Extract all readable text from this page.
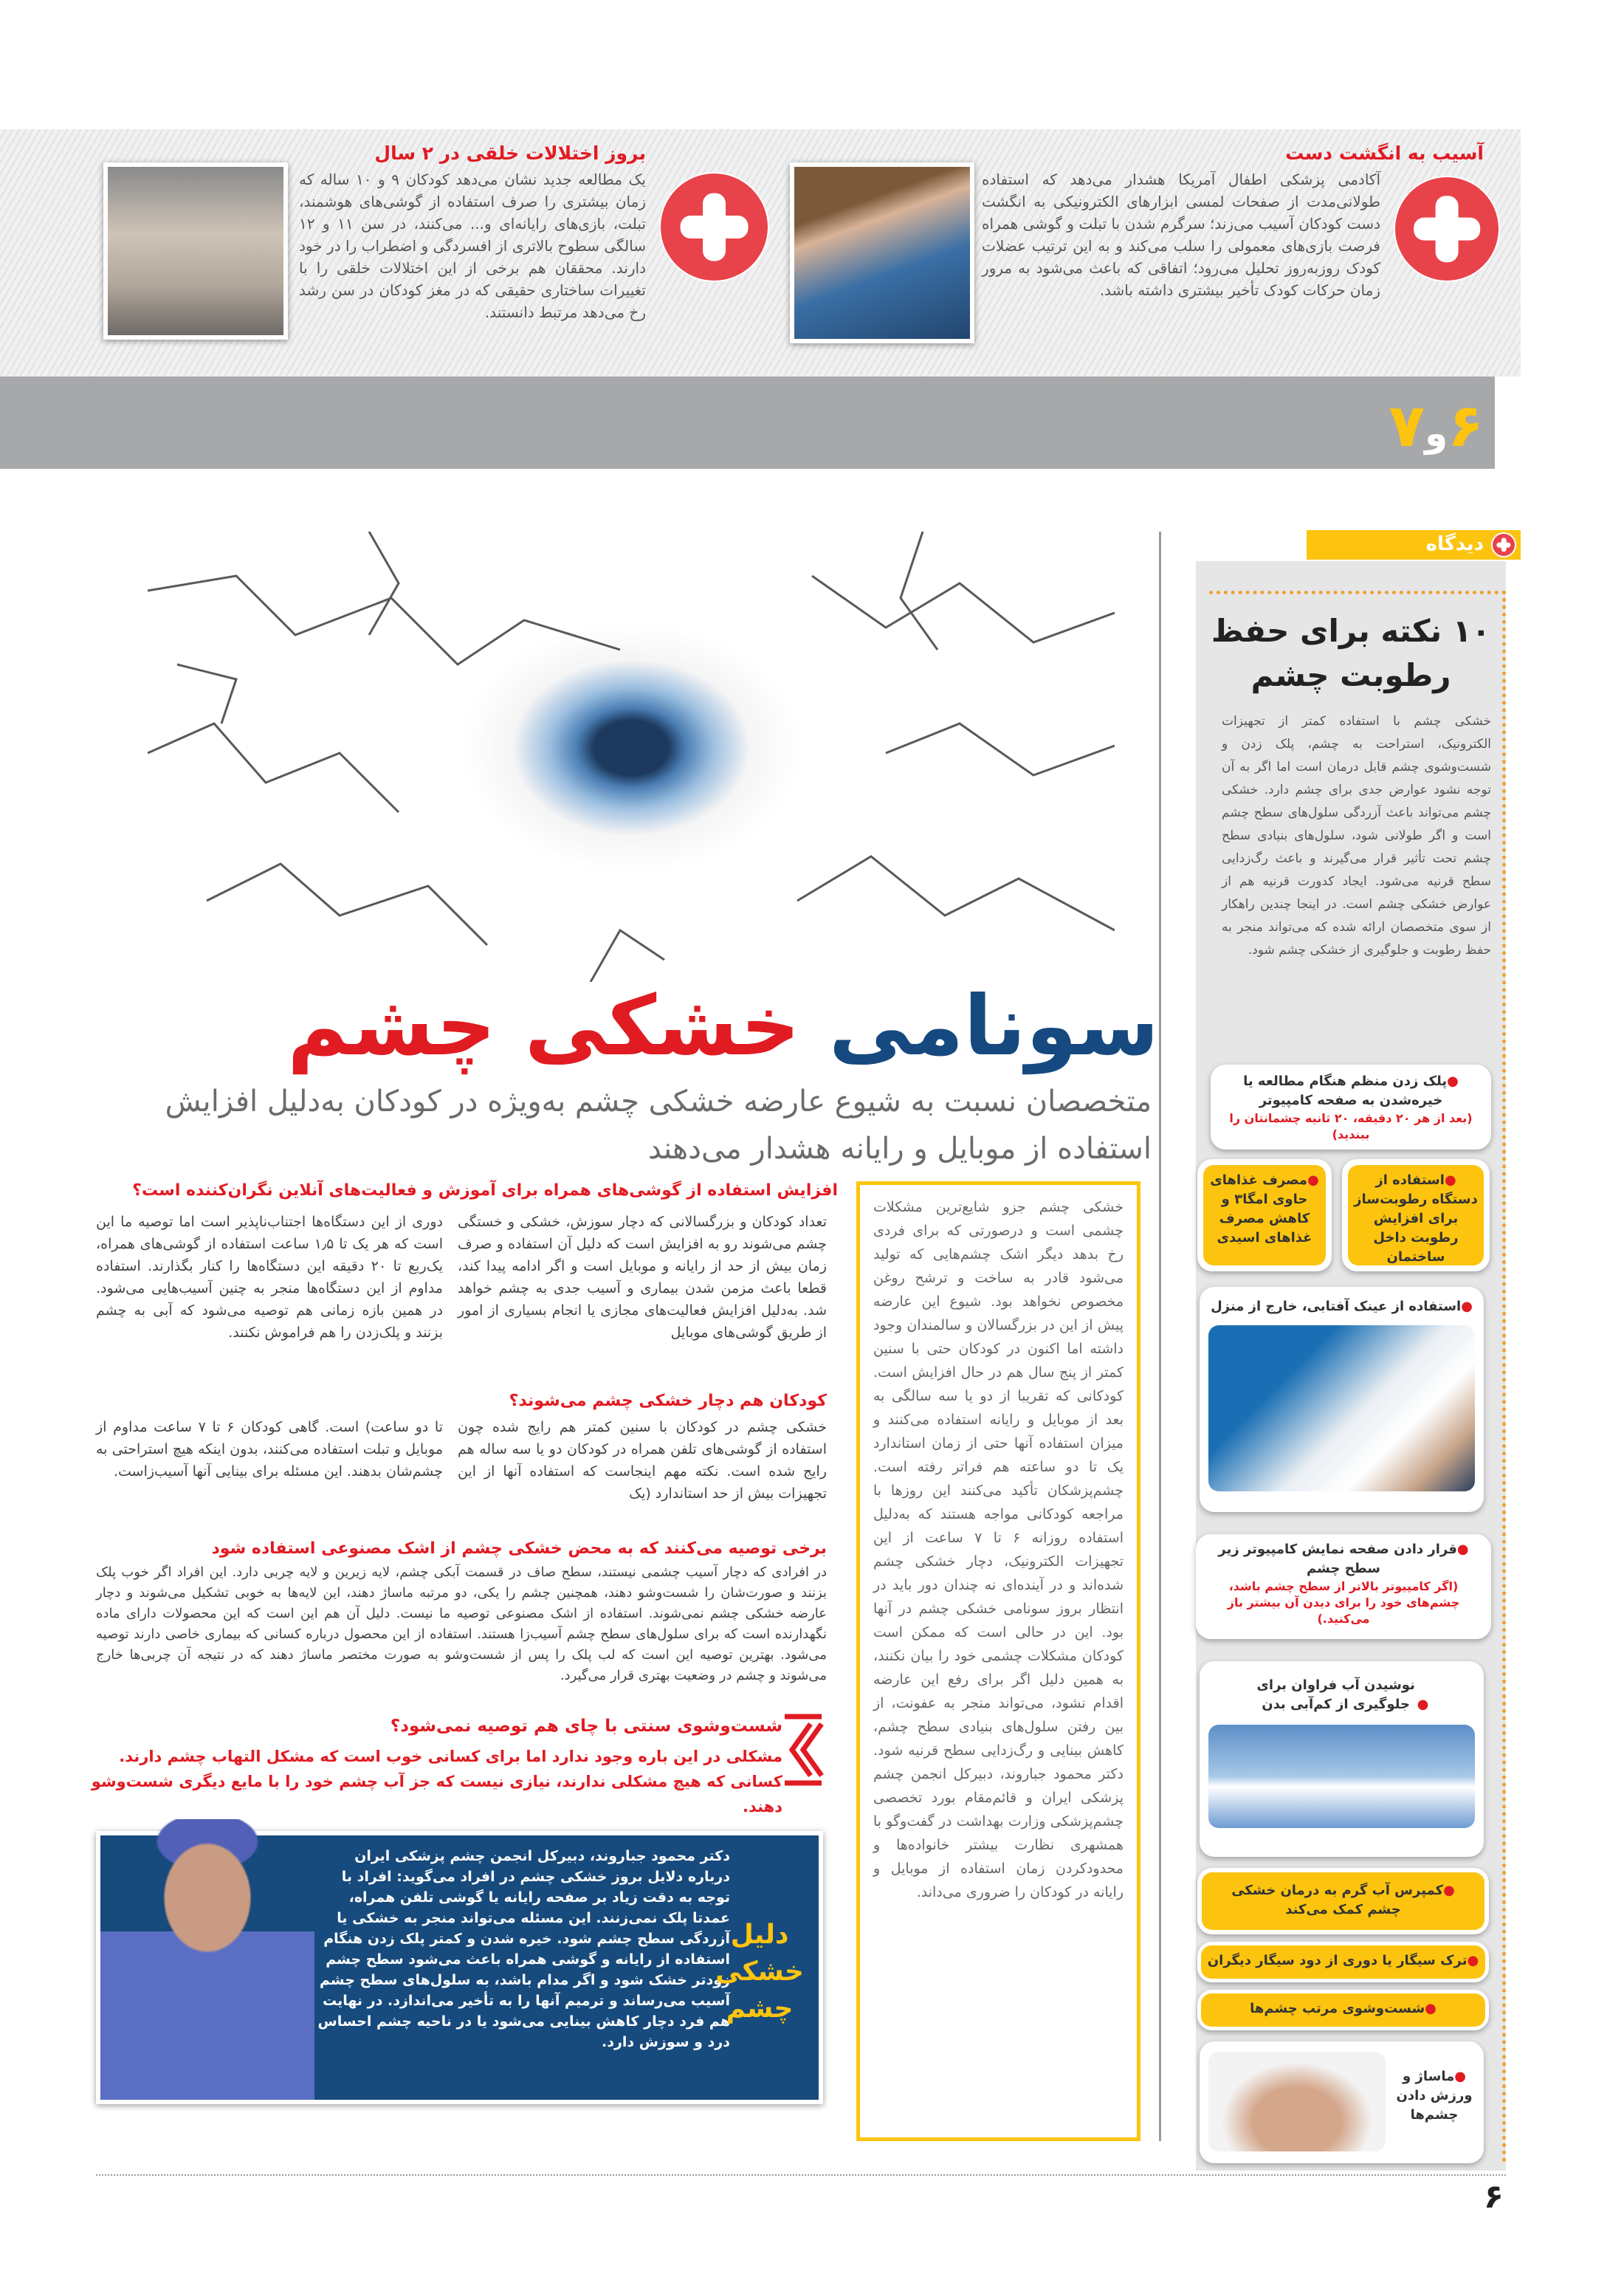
آسیب به انگشت دست
آکادمی پزشکی اطفال آمریکا هشدار می‌دهد که استفاده طولانی‌مدت از صفحات لمسی ابزارهای الکترونیکی به انگشت دست کودکان آسیب می‌زند؛ سرگرم شدن با تبلت و گوشی همراه فرصت بازی‌های معمولی را سلب می‌کند و به این ترتیب عضلات کودک روزبه‌روز تحلیل می‌رود؛ اتفاقی که باعث می‌شود به مرور زمان حرکات کودک تأخیر بیشتری داشته باشد.
بروز اختلالات خلقی در ۲ سال
یک مطالعه جدید نشان می‌دهد کودکان ۹ و ۱۰ ساله که زمان بیشتری را صرف استفاده از گوشی‌های هوشمند، تبلت، بازی‌های رایانه‌ای و... می‌کنند، در سن ۱۱ و ۱۲ سالگی سطوح بالاتری از افسردگی و اضطراب را در خود دارند. محققان هم برخی از این اختلالات خلقی را با تغییرات ساختاری حقیقی که در مغز کودکان در سن رشد رخ می‌دهد مرتبط دانستند.
۶و۷
سونامی خشکی چشم
متخصصان نسبت به شیوع عارضه خشکی چشم به‌ویژه در کودکان به‌دلیل افزایش استفاده از موبایل و رایانه هشدار می‌دهند

خشکی چشم جزو شایع‌ترین مشکلات چشمی است و درصورتی که برای فردی رخ بدهد دیگر اشک چشم‌هایی که تولید می‌شود قادر به ساخت و ترشح روغن مخصوص نخواهد بود. شیوع این عارضه پیش از این در بزرگسالان و سالمندان وجود داشته اما اکنون در کودکان حتی با سنین کمتر از پنج سال هم در حال افزایش است. کودکانی که تقریبا از دو یا سه سالگی به بعد از موبایل و رایانه استفاده می‌کنند و میزان استفاده آنها حتی از زمان استاندارد یک تا دو ساعته هم فراتر رفته است. چشم‌پزشکان تأکید می‌کنند این روزها با مراجعه کودکانی مواجه هستند که به‌دلیل استفاده روزانه ۶ تا ۷ ساعت از این تجهیزات الکترونیک، دچار خشکی چشم شده‌اند و در آینده‌ای نه چندان دور باید در انتظار بروز سونامی خشکی چشم در آنها بود. این در حالی است که ممکن است کودکان مشکلات چشمی خود را بیان نکنند، به همین دلیل اگر برای رفع این عارضه اقدام نشود، می‌تواند منجر به عفونت، از بین رفتن سلول‌های بنیادی سطح چشم، کاهش بینایی و رگ‌زدایی سطح قرنیه شود. دکتر محمود جباروند، دبیرکل انجمن چشم پزشکی ایران و قائم‌مقام بورد تخصصی چشم‌پزشکی وزارت بهداشت در گفت‌وگو با همشهری نظارت بیشتر خانواده‌ها و محدودکردن زمان استفاده از موبایل و رایانه در کودکان را ضروری می‌داند.

افزایش استفاده از گوشی‌های همراه برای آموزش و فعالیت‌های آنلاین نگران‌کننده است؟
تعداد کودکان و بزرگسالانی که دچار سوزش، خشکی و خستگی چشم می‌شوند رو به افزایش است که دلیل آن استفاده و صرف زمان بیش از حد از رایانه و موبایل است و اگر ادامه پیدا کند، قطعا باعث مزمن شدن بیماری و آسیب جدی به چشم خواهد شد. به‌دلیل افزایش فعالیت‌های مجازی یا انجام بسیاری از امور از طریق گوشی‌های موبایل
دوری از این دستگاه‌ها اجتناب‌ناپذیر است اما توصیه ما این است که هر یک تا ۱٫۵ ساعت استفاده از گوشی‌های همراه، یک‌ربع تا ۲۰ دقیقه این دستگاه‌ها را کنار بگذارند. استفاده مداوم از این دستگاه‌ها منجر به چنین آسیب‌هایی می‌شود. در همین بازه زمانی هم توصیه می‌شود که آبی به چشم بزنند و پلک‌زدن را هم فراموش نکنند.
کودکان هم دچار خشکی چشم می‌شوند؟
خشکی چشم در کودکان با سنین کمتر هم رایج شده چون استفاده از گوشی‌های تلفن همراه در کودکان دو یا سه ساله هم رایج شده است. نکته مهم اینجاست که استفاده آنها از این تجهیزات بیش از حد استاندارد (یک
تا دو ساعت) است. گاهی کودکان ۶ تا ۷ ساعت مداوم از موبایل و تبلت استفاده می‌کنند، بدون اینکه هیچ استراحتی به چشم‌شان بدهند. این مسئله برای بینایی آنها آسیب‌زاست.
برخی توصیه می‌کنند که به محض خشکی چشم از اشک مصنوعی استفاده شود
در افرادی که دچار آسیب چشمی نیستند، سطح صاف در قسمت آبکی چشم، لایه زیرین و لایه چربی دارد. این افراد اگر خوب پلک بزنند و صورت‌شان را شست‌وشو دهند، همچنین چشم را یکی، دو مرتبه ماساژ دهند، این لایه‌ها به خوبی تشکیل می‌شوند و دچار عارضه خشکی چشم نمی‌شوند. استفاده از اشک مصنوعی توصیه ما نیست. دلیل آن هم این است که این محصولات دارای ماده نگهدارنده است که برای سلول‌های سطح چشم آسیب‌زا هستند. استفاده از این محصول درباره کسانی که بیماری خاصی دارند توصیه می‌شود. بهترین توصیه این است که لب پلک را پس از شست‌وشو به صورت مختصر ماساژ دهند که در نتیجه آن چربی‌ها خارج می‌شوند و چشم در وضعیت بهتری قرار می‌گیرد.
شست‌وشوی سنتی با چای هم توصیه نمی‌شود؟
مشکلی در این باره وجود ندارد اما برای کسانی خوب است که مشکل التهاب چشم دارند. کسانی که هیچ مشکلی ندارند، نیازی نیست که جز آب چشم خود را با مایع دیگری شست‌وشو دهند.
دکتر محمود جباروند، دبیرکل انجمن چشم پزشکی ایران درباره دلایل بروز خشکی چشم در افراد می‌گوید: افراد با توجه به دقت زیاد بر صفحه رایانه یا گوشی تلفن همراه، عمدتا پلک نمی‌زنند. این مسئله می‌تواند منجر به خشکی یا آزردگی سطح چشم شود. خیره شدن و کمتر پلک زدن هنگام استفاده از رایانه و گوشی همراه باعث می‌شود سطح چشم زودتر خشک شود و اگر مدام باشد، به سلول‌های سطح چشم آسیب می‌رساند و ترمیم آنها را به تأخیر می‌اندازد. در نهایت هم فرد دچار کاهش بینایی می‌شود یا در ناحیه چشم احساس درد و سوزش دارد.
دلیل
خشکی
چشم
دیدگاه
۱۰ نکته برای حفظ
رطوبت چشم
خشکی چشم با استفاده کمتر از تجهیزات الکترونیک، استراحت به چشم، پلک زدن و شست‌وشوی چشم قابل درمان است اما اگر به آن توجه نشود عوارض جدی برای چشم دارد. خشکی چشم می‌تواند باعث آزردگی سلول‌های سطح چشم است و اگر طولانی شود، سلول‌های بنیادی سطح چشم تحت تأثیر قرار می‌گیرند و باعث رگ‌زدایی سطح قرنیه می‌شود. ایجاد کدورت قرنیه هم از عوارض خشکی چشم است. در اینجا چندین راهکار از سوی متخصصان ارائه شده که می‌تواند منجر به حفظ رطوبت و جلوگیری از خشکی چشم شود.
●پلک زدن منظم هنگام مطالعه یا خیره‌شدن به صفحه کامپیوتر
(بعد از هر ۲۰ دقیقه، ۲۰ ثانیه چشمانتان را ببندید)
●استفاده از دستگاه رطوبت‌ساز برای افزایش رطوبت داخل ساختمان
●مصرف غذاهای حاوی امگا۳ و کاهش مصرف غذاهای اسیدی
●استفاده از عینک آفتابی، خارج از منزل
●قرار دادن صفحه نمایش کامپیوتر زیر سطح چشم
(اگر کامپیوتر بالاتر از سطح چشم باشد، چشم‌های خود را برای دیدن آن بیشتر باز می‌کنید.)
●نوشیدن آب فراوان برای جلوگیری از کم‌آبی بدن
●کمپرس آب گرم به درمان خشکی چشم کمک می‌کند
●ترک سیگار یا دوری از دود سیگار دیگران
●شست‌وشوی مرتب چشم‌ها
●ماساژ و ورزش دادن چشم‌ها
۶
